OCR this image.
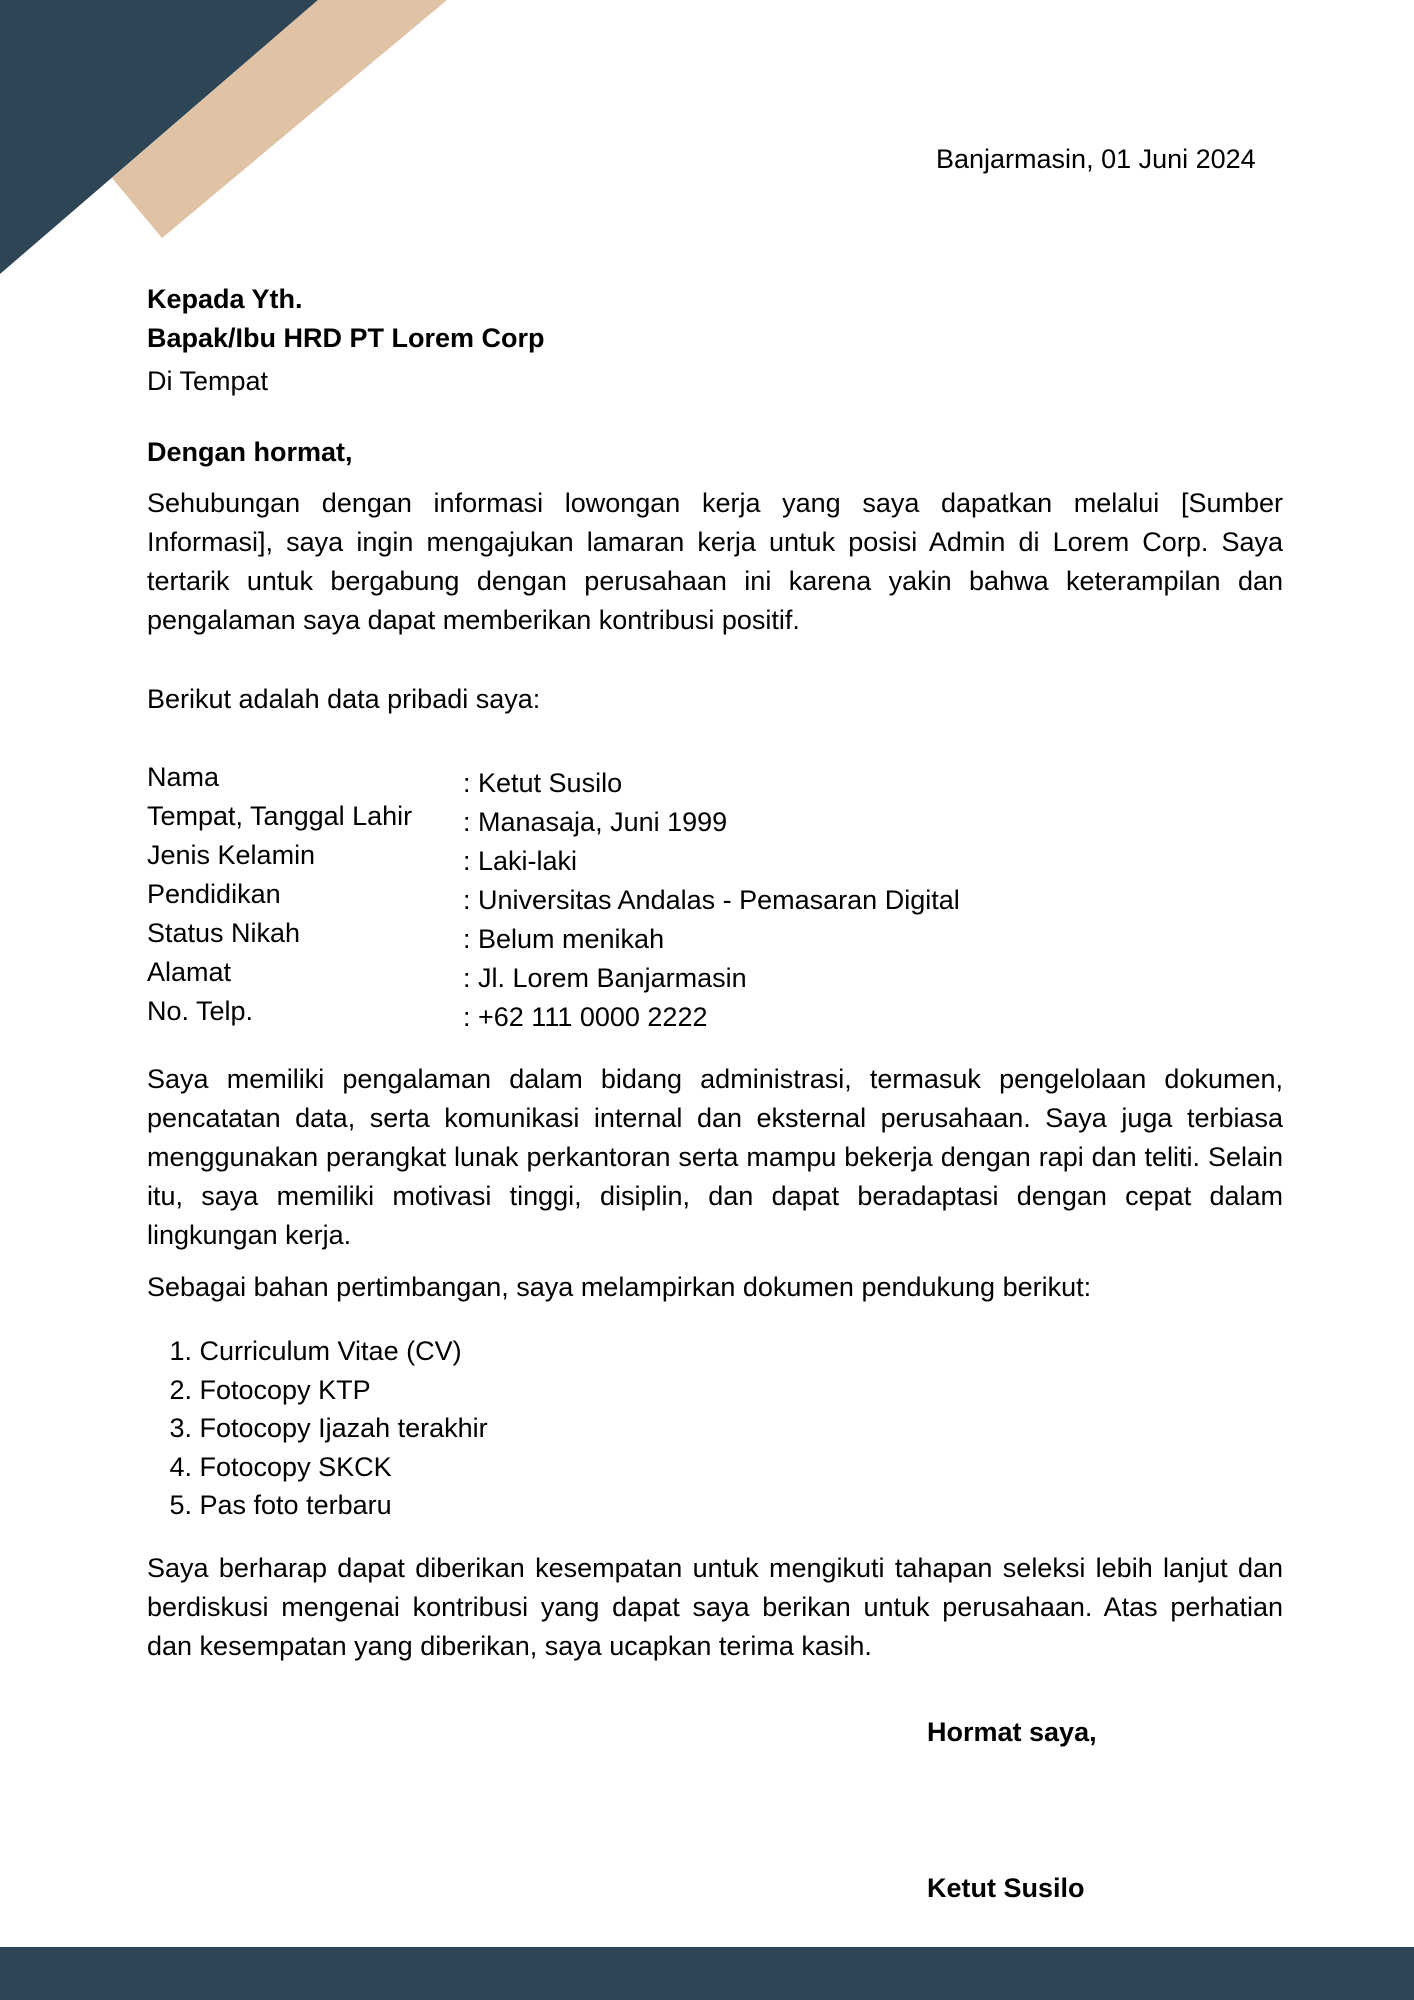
Banjarmasin, 01 Juni 2024
Kepada Yth.
Bapak/Ibu HRD PT Lorem Corp
Di Tempat
Dengan hormat,
Sehubungan dengan informasi lowongan kerja yang saya dapatkan melalui [Sumber Informasi], saya ingin mengajukan lamaran kerja untuk posisi Admin di Lorem Corp. Saya tertarik untuk bergabung dengan perusahaan ini karena yakin bahwa keterampilan dan pengalaman saya dapat memberikan kontribusi positif.
Berikut adalah data pribadi saya:
Nama	: Ketut Susilo
Tempat, Tanggal Lahir : Manasaja, Juni 1999
Jenis Kelamin	: Laki-laki
Pendidikan	: Universitas Andalas - Pemasaran Digital
Status Nikah	: Belum menikah
Alamat	: Jl. Lorem Banjarmasin
No. Telp.	: +62 111 0000 2222
Saya memiliki pengalaman dalam bidang administrasi, termasuk pengelolaan dokumen, pencatatan data, serta komunikasi internal dan eksternal perusahaan. Saya juga terbiasa menggunakan perangkat lunak perkantoran serta mampu bekerja dengan rapi dan teliti. Selain itu, saya memiliki motivasi tinggi, disiplin, dan dapat beradaptasi dengan cepat dalam lingkungan kerja.
Sebagai bahan pertimbangan, saya melampirkan dokumen pendukung berikut:
1. Curriculum Vitae (CV)
2. Fotocopy KTP
3. Fotocopy Ijazah terakhir
4. Fotocopy SKCK
5. Pas foto terbaru
Saya berharap dapat diberikan kesempatan untuk mengikuti tahapan seleksi lebih lanjut dan berdiskusi mengenai kontribusi yang dapat saya berikan untuk perusahaan. Atas perhatian dan kesempatan yang diberikan, saya ucapkan terima kasih.
Hormat saya,
Ketut Susilo
